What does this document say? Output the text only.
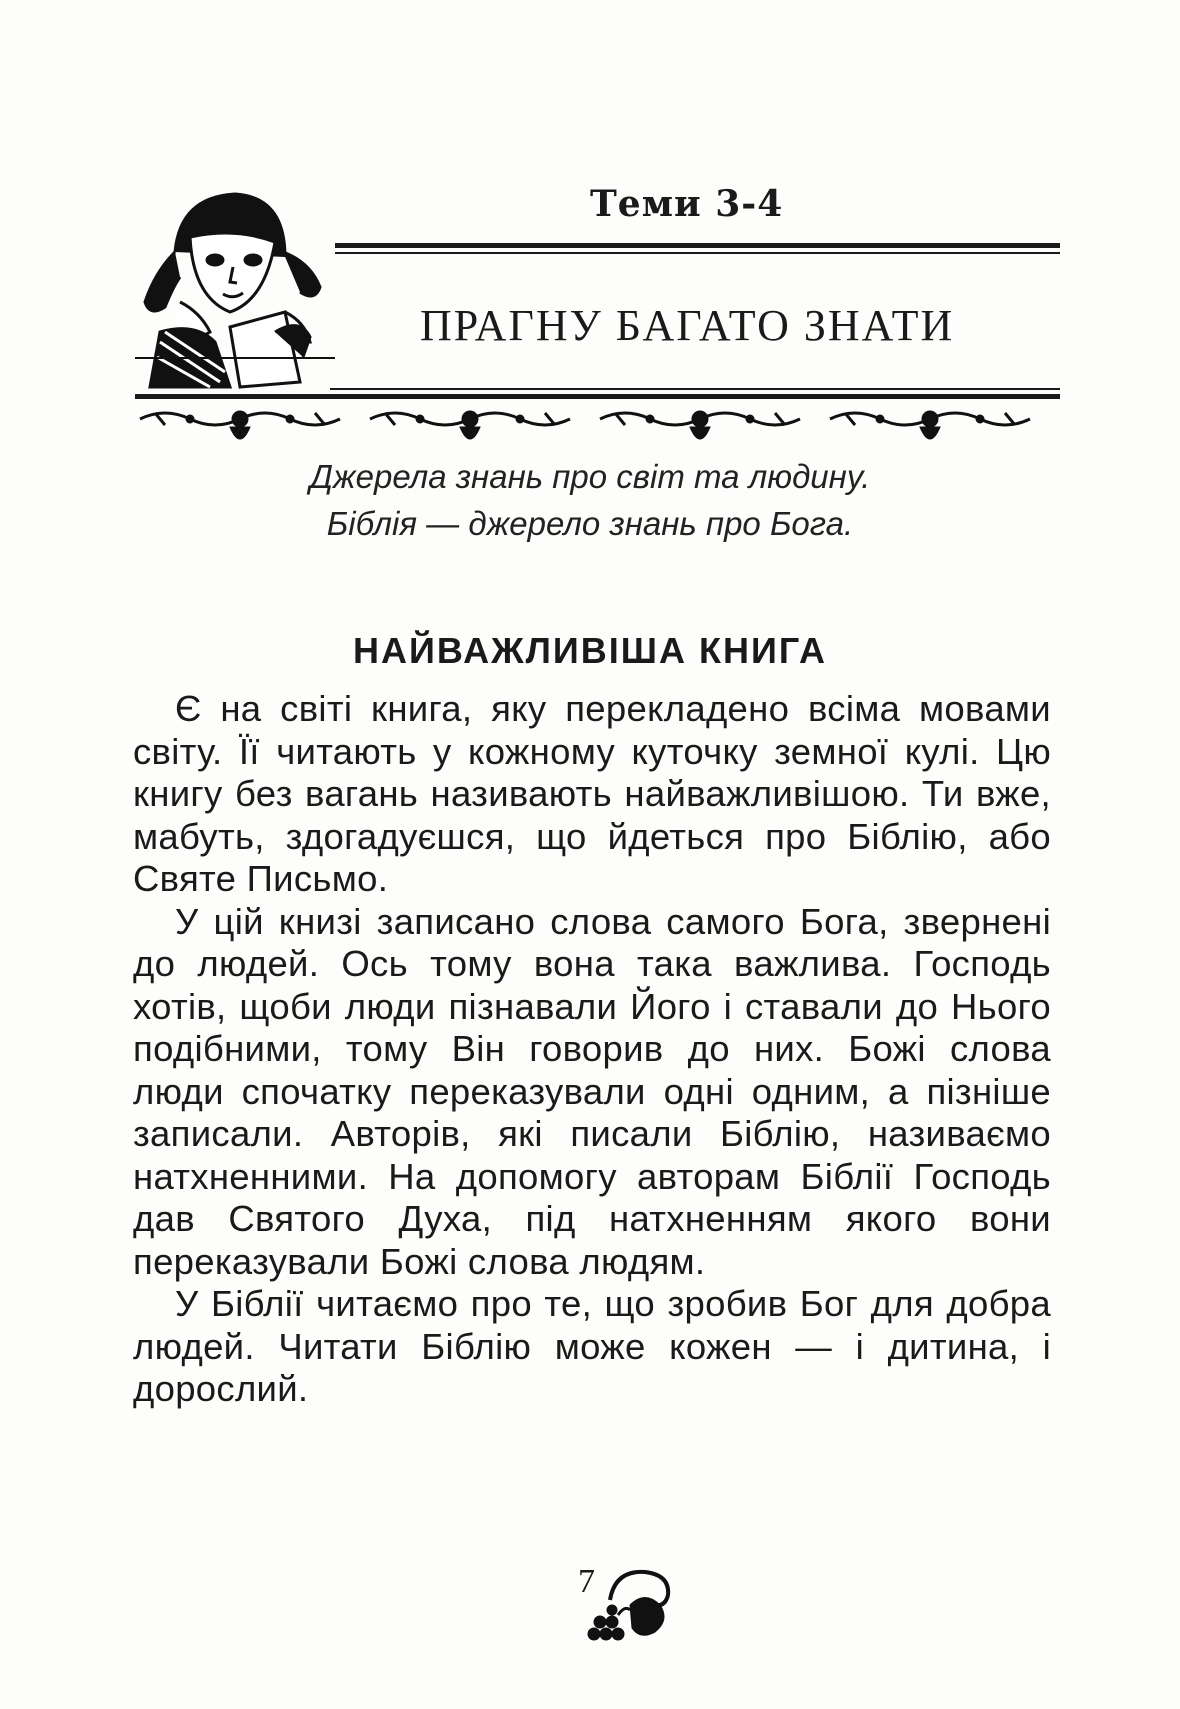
Теми 3-4
ПРАГНУ БАГАТО ЗНАТИ
Джерела знань про світ та людину.
Біблія — джерело знань про Бога.
НАЙВАЖЛИВІША КНИГА

Є на світі книга, яку перекладено всіма мовами світу. Її читають у кожному куточку земної кулі. Цю книгу без вагань називають найважливішою. Ти вже, мабуть, здогадуєшся, що йдеться про Біблію, або Святе Письмо.

У цій книзі записано слова самого Бога, звернені до людей. Ось тому вона така важлива. Господь хотів, щоби люди пізнавали Його і ставали до Нього подібними, тому Він говорив до них. Божі слова люди спочатку переказували одні одним, а пізніше записали. Авторів, які писали Біблію, називаємо натхненними. На допомогу авторам Біблії Господь дав Святого Духа, під натхненням якого вони переказували Божі слова людям.

У Біблії читаємо про те, що зробив Бог для добра людей. Читати Біблію може кожен — і дитина, і дорослий.

7
